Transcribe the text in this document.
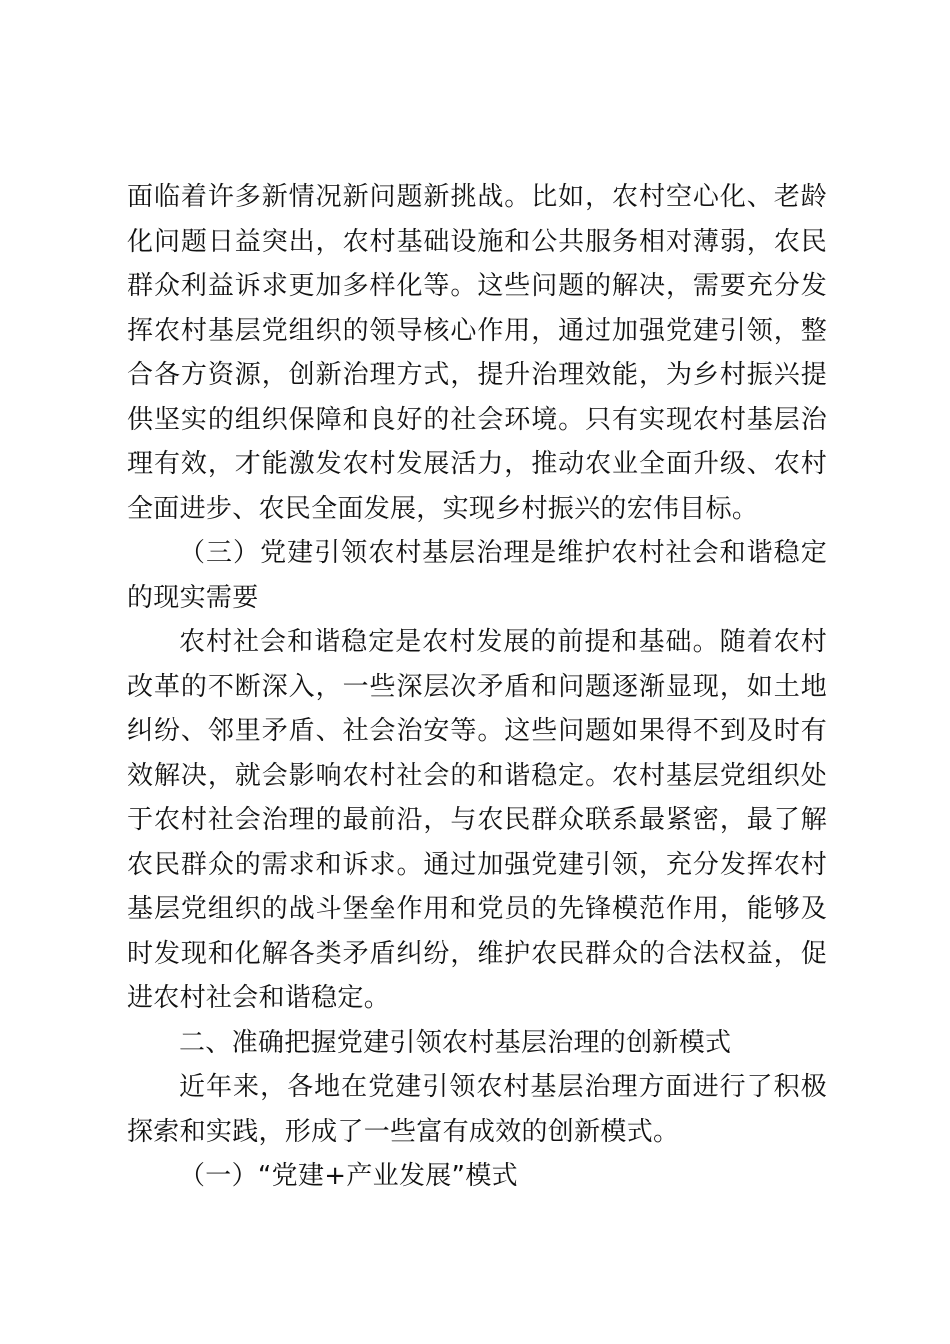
面临着许多新情况新问题新挑战。比如，农村空心化、老龄化问题日益突出，农村基础设施和公共服务相对薄弱，农民群众利益诉求更加多样化等。这些问题的解决，需要充分发挥农村基层党组织的领导核心作用，通过加强党建引领，整合各方资源，创新治理方式，提升治理效能，为乡村振兴提供坚实的组织保障和良好的社会环境。只有实现农村基层治理有效，才能激发农村发展活力，推动农业全面升级、农村全面进步、农民全面发展，实现乡村振兴的宏伟目标。

（三）党建引领农村基层治理是维护农村社会和谐稳定的现实需要

农村社会和谐稳定是农村发展的前提和基础。随着农村改革的不断深入，一些深层次矛盾和问题逐渐显现，如土地纠纷、邻里矛盾、社会治安等。这些问题如果得不到及时有效解决，就会影响农村社会的和谐稳定。农村基层党组织处于农村社会治理的最前沿，与农民群众联系最紧密，最了解农民群众的需求和诉求。通过加强党建引领，充分发挥农村基层党组织的战斗堡垒作用和党员的先锋模范作用，能够及时发现和化解各类矛盾纠纷，维护农民群众的合法权益，促进农村社会和谐稳定。

二、准确把握党建引领农村基层治理的创新模式

近年来，各地在党建引领农村基层治理方面进行了积极探索和实践，形成了一些富有成效的创新模式。

（一）“党建+产业发展”模式
